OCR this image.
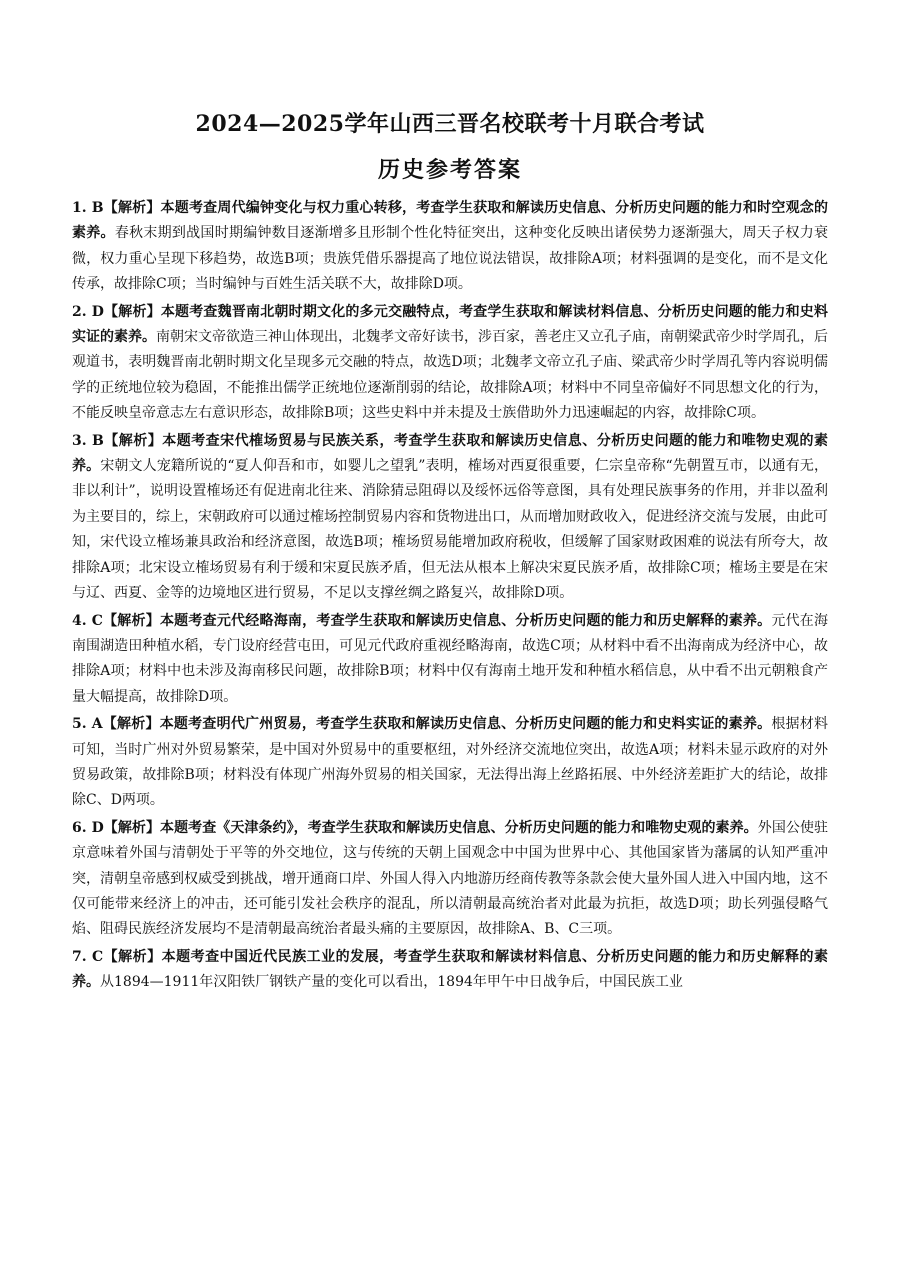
2024—2025学年山西三晋名校联考十月联合考试
历史参考答案

1. B【解析】本题考查周代编钟变化与权力重心转移，考查学生获取和解读历史信息、分析历史问题的能力和时空观念的素养。春秋末期到战国时期编钟数目逐渐增多且形制个性化特征突出，这种变化反映出诸侯势力逐渐强大，周天子权力衰微，权力重心呈现下移趋势，故选B项；贵族凭借乐器提高了地位说法错误，故排除A项；材料强调的是变化，而不是文化传承，故排除C项；当时编钟与百姓生活关联不大，故排除D项。

2. D【解析】本题考查魏晋南北朝时期文化的多元交融特点，考查学生获取和解读材料信息、分析历史问题的能力和史料实证的素养。南朝宋文帝欲造三神山体现出，北魏孝文帝好读书，涉百家，善老庄又立孔子庙，南朝梁武帝少时学周孔，后观道书，表明魏晋南北朝时期文化呈现多元交融的特点，故选D项；北魏孝文帝立孔子庙、梁武帝少时学周孔等内容说明儒学的正统地位较为稳固，不能推出儒学正统地位逐渐削弱的结论，故排除A项；材料中不同皇帝偏好不同思想文化的行为，不能反映皇帝意志左右意识形态，故排除B项；这些史料中并未提及士族借助外力迅速崛起的内容，故排除C项。

3. B【解析】本题考查宋代榷场贸易与民族关系，考查学生获取和解读历史信息、分析历史问题的能力和唯物史观的素养。宋朝文人宠籍所说的“夏人仰吾和市，如婴儿之望乳”表明，榷场对西夏很重要，仁宗皇帝称“先朝置互市，以通有无，非以利计”，说明设置榷场还有促进南北往来、消除猜忌阻碍以及绥怀远俗等意图，具有处理民族事务的作用，并非以盈利为主要目的，综上，宋朝政府可以通过榷场控制贸易内容和货物进出口，从而增加财政收入，促进经济交流与发展，由此可知，宋代设立榷场兼具政治和经济意图，故选B项；榷场贸易能增加政府税收，但缓解了国家财政困难的说法有所夸大，故排除A项；北宋设立榷场贸易有利于缓和宋夏民族矛盾，但无法从根本上解决宋夏民族矛盾，故排除C项；榷场主要是在宋与辽、西夏、金等的边境地区进行贸易，不足以支撑丝绸之路复兴，故排除D项。

4. C【解析】本题考查元代经略海南，考查学生获取和解读历史信息、分析历史问题的能力和历史解释的素养。元代在海南围湖造田种植水稻，专门设府经营屯田，可见元代政府重视经略海南，故选C项；从材料中看不出海南成为经济中心，故排除A项；材料中也未涉及海南移民问题，故排除B项；材料中仅有海南土地开发和种植水稻信息，从中看不出元朝粮食产量大幅提高，故排除D项。

5. A【解析】本题考查明代广州贸易，考查学生获取和解读历史信息、分析历史问题的能力和史料实证的素养。根据材料可知，当时广州对外贸易繁荣，是中国对外贸易中的重要枢纽，对外经济交流地位突出，故选A项；材料未显示政府的对外贸易政策，故排除B项；材料没有体现广州海外贸易的相关国家，无法得出海上丝路拓展、中外经济差距扩大的结论，故排除C、D两项。

6. D【解析】本题考查《天津条约》，考查学生获取和解读历史信息、分析历史问题的能力和唯物史观的素养。外国公使驻京意味着外国与清朝处于平等的外交地位，这与传统的天朝上国观念中中国为世界中心、其他国家皆为藩属的认知严重冲突，清朝皇帝感到权威受到挑战，增开通商口岸、外国人得入内地游历经商传教等条款会使大量外国人进入中国内地，这不仅可能带来经济上的冲击，还可能引发社会秩序的混乱，所以清朝最高统治者对此最为抗拒，故选D项；助长列强侵略气焰、阻碍民族经济发展均不是清朝最高统治者最头痛的主要原因，故排除A、B、C三项。

7. C【解析】本题考查中国近代民族工业的发展，考查学生获取和解读材料信息、分析历史问题的能力和历史解释的素养。从1894—1911年汉阳铁厂钢铁产量的变化可以看出，1894年甲午中日战争后，中国民族工业
